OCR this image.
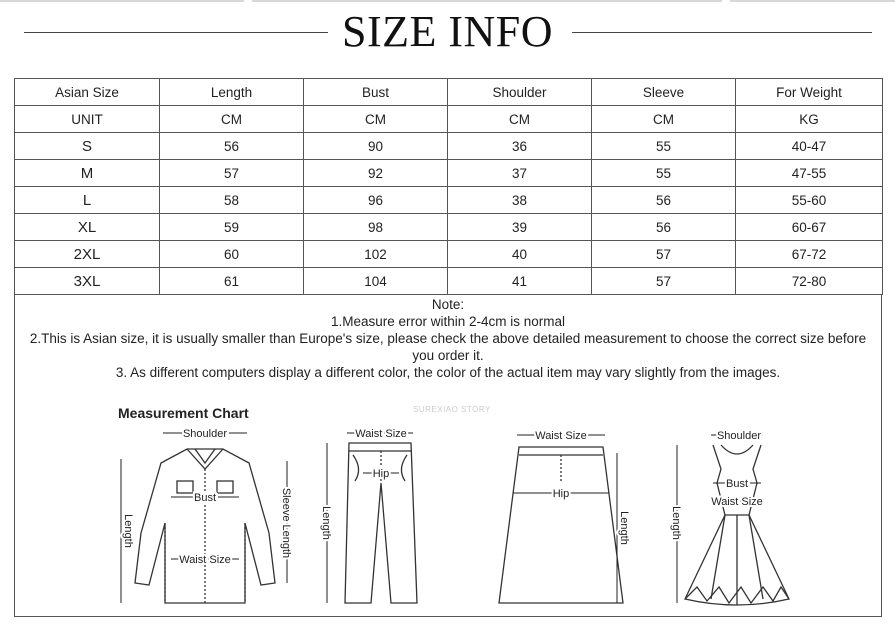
SIZE INFO
Asian Size	Length	Bust	Shoulder	Sleeve	For Weight
UNIT	CM	CM	CM	CM	KG
S	56	90	36	55	40-47
M	57	92	37	55	47-55
L	58	96	38	56	55-60
XL	59	98	39	56	60-67
2XL	60	102	40	57	67-72
3XL	61	104	41	57	72-80
Note:
1.Measure error within 2-4cm is normal
2.This is Asian size, it is usually smaller than Europe's size, please check the above detailed measurement to choose the correct size before you order it.
3. As different computers display a different color, the color of the actual item may vary slightly from the images.
Measurement Chart	SUREXIAO STORY
Shoulder
Bust
Waist Size
Length	Sleeve Length
Waist Size
Hip
Length
Waist Size
Hip
Length
Shoulder
Bust
Waist Size
Length
